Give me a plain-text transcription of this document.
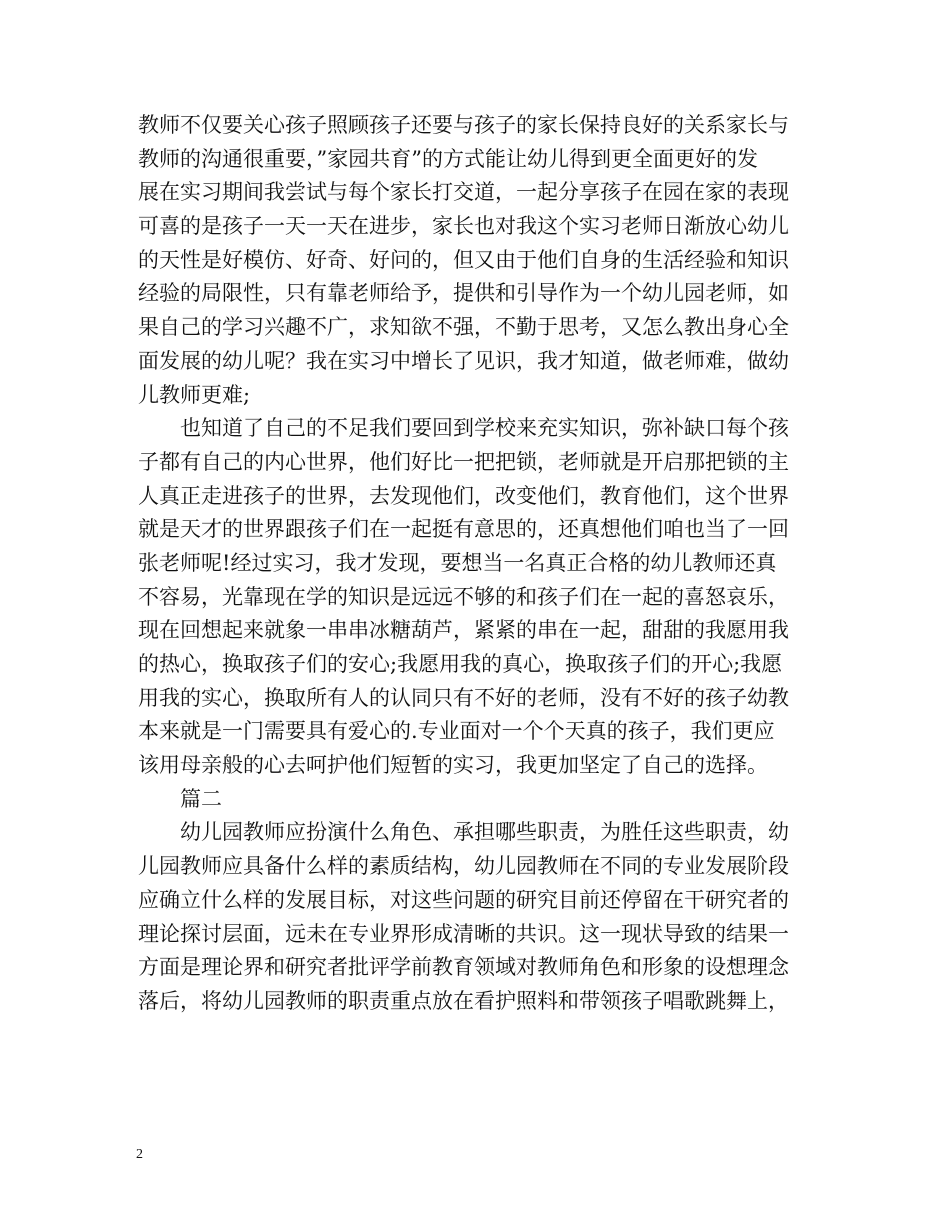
教师不仅要关心孩子照顾孩子还要与孩子的家长保持良好的关系家长与
教师的沟通很重要，”家园共育”的方式能让幼儿得到更全面更好的发
展在实习期间我尝试与每个家长打交道，一起分享孩子在园在家的表现
可喜的是孩子一天一天在进步，家长也对我这个实习老师日渐放心幼儿
的天性是好模仿、好奇、好问的，但又由于他们自身的生活经验和知识
经验的局限性，只有靠老师给予，提供和引导作为一个幼儿园老师，如
果自己的学习兴趣不广，求知欲不强，不勤于思考，又怎么教出身心全
面发展的幼儿呢？我在实习中增长了见识，我才知道，做老师难，做幼
儿教师更难;
　　也知道了自己的不足我们要回到学校来充实知识，弥补缺口每个孩
子都有自己的内心世界，他们好比一把把锁，老师就是开启那把锁的主
人真正走进孩子的世界，去发现他们，改变他们，教育他们，这个世界
就是天才的世界跟孩子们在一起挺有意思的，还真想他们咱也当了一回
张老师呢!经过实习，我才发现，要想当一名真正合格的幼儿教师还真
不容易，光靠现在学的知识是远远不够的和孩子们在一起的喜怒哀乐，
现在回想起来就象一串串冰糖葫芦，紧紧的串在一起，甜甜的我愿用我
的热心，换取孩子们的安心;我愿用我的真心，换取孩子们的开心;我愿
用我的实心，换取所有人的认同只有不好的老师，没有不好的孩子幼教
本来就是一门需要具有爱心的.专业面对一个个天真的孩子，我们更应
该用母亲般的心去呵护他们短暂的实习，我更加坚定了自己的选择。
　　篇二
　　幼儿园教师应扮演什么角色、承担哪些职责，为胜任这些职责，幼
儿园教师应具备什么样的素质结构，幼儿园教师在不同的专业发展阶段
应确立什么样的发展目标，对这些问题的研究目前还停留在干研究者的
理论探讨层面，远未在专业界形成清晰的共识。这一现状导致的结果一
方面是理论界和研究者批评学前教育领域对教师角色和形象的设想理念
落后，将幼儿园教师的职责重点放在看护照料和带领孩子唱歌跳舞上，
2
